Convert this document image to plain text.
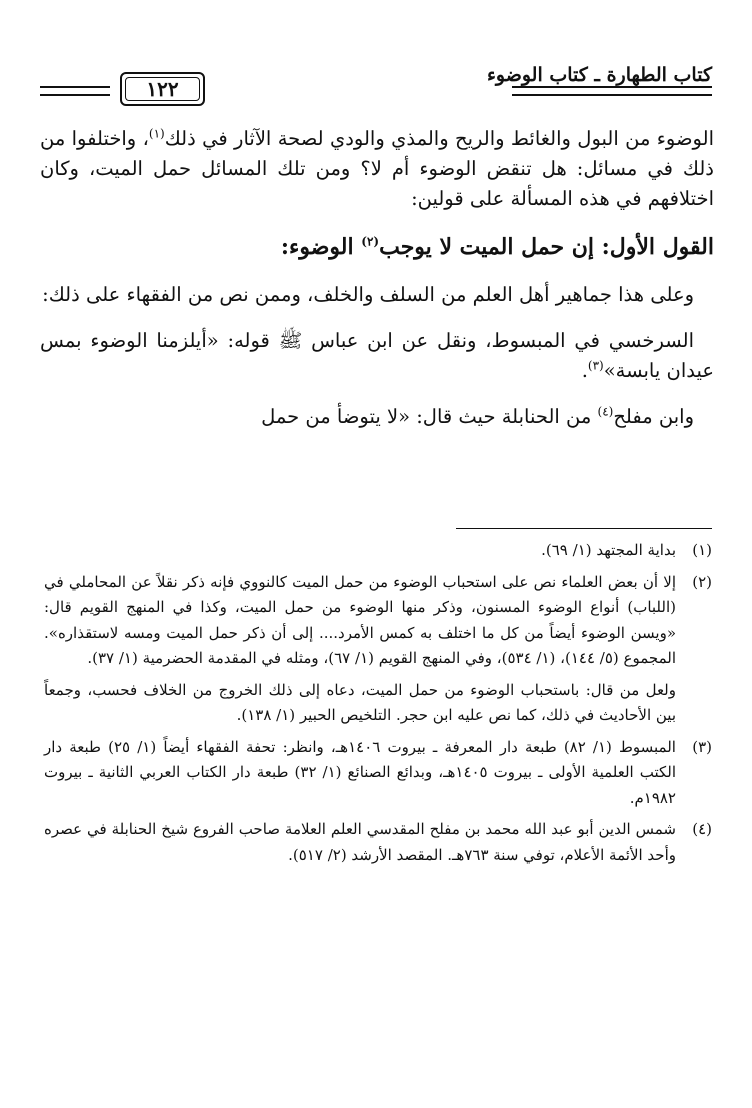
كتاب الطهارة ـ كتاب الوضوء
١٢٢

الوضوء من البول والغائط والريح والمذي والودي لصحة الآثار في ذلك$^{(١)}$، واختلفوا من ذلك في مسائل: هل تنقض الوضوء أم لا؟ ومن تلك المسائل حمل الميت، وكان اختلافهم في هذه المسألة على قولين:

القول الأول: إن حمل الميت لا يوجب$^{(٢)}$ الوضوء:

وعلى هذا جماهير أهل العلم من السلف والخلف، وممن نص من الفقهاء على ذلك:

السرخسي في المبسوط، ونقل عن ابن عباس ﷺ قوله: «أيلزمنا الوضوء بمس عيدان يابسة»$^{(٣)}$.

وابن مفلح$^{(٤)}$ من الحنابلة حيث قال: «لا يتوضأ من حمل

(١)

بداية المجتهد (١/ ٦٩).

(٢)

إلا أن بعض العلماء نص على استحباب الوضوء من حمل الميت كالنووي فإنه ذكر نقلاً عن المحاملي في (اللباب) أنواع الوضوء المسنون، وذكر منها الوضوء من حمل الميت، وكذا في المنهج القويم قال: «ويسن الوضوء أيضاً من كل ما اختلف به كمس الأمرد.... إلى أن ذكر حمل الميت ومسه لاستقذاره». المجموع (٥/ ١٤٤)، (١/ ٥٣٤)، وفي المنهج القويم (١/ ٦٧)، ومثله في المقدمة الحضرمية (١/ ٣٧).

ولعل من قال: باستحباب الوضوء من حمل الميت، دعاه إلى ذلك الخروج من الخلاف فحسب، وجمعاً بين الأحاديث في ذلك، كما نص عليه ابن حجر. التلخيص الحبير (١/ ١٣٨).

(٣)

المبسوط (١/ ٨٢) طبعة دار المعرفة ـ بيروت ١٤٠٦هـ، وانظر: تحفة الفقهاء أيضاً (١/ ٢٥) طبعة دار الكتب العلمية الأولى ـ بيروت ١٤٠٥هـ، وبدائع الصنائع (١/ ٣٢) طبعة دار الكتاب العربي الثانية ـ بيروت ١٩٨٢م.

(٤)

شمس الدين أبو عبد الله محمد بن مفلح المقدسي العلم العلامة صاحب الفروع شيخ الحنابلة في عصره وأحد الأئمة الأعلام، توفي سنة ٧٦٣هـ. المقصد الأرشد (٢/ ٥١٧).
